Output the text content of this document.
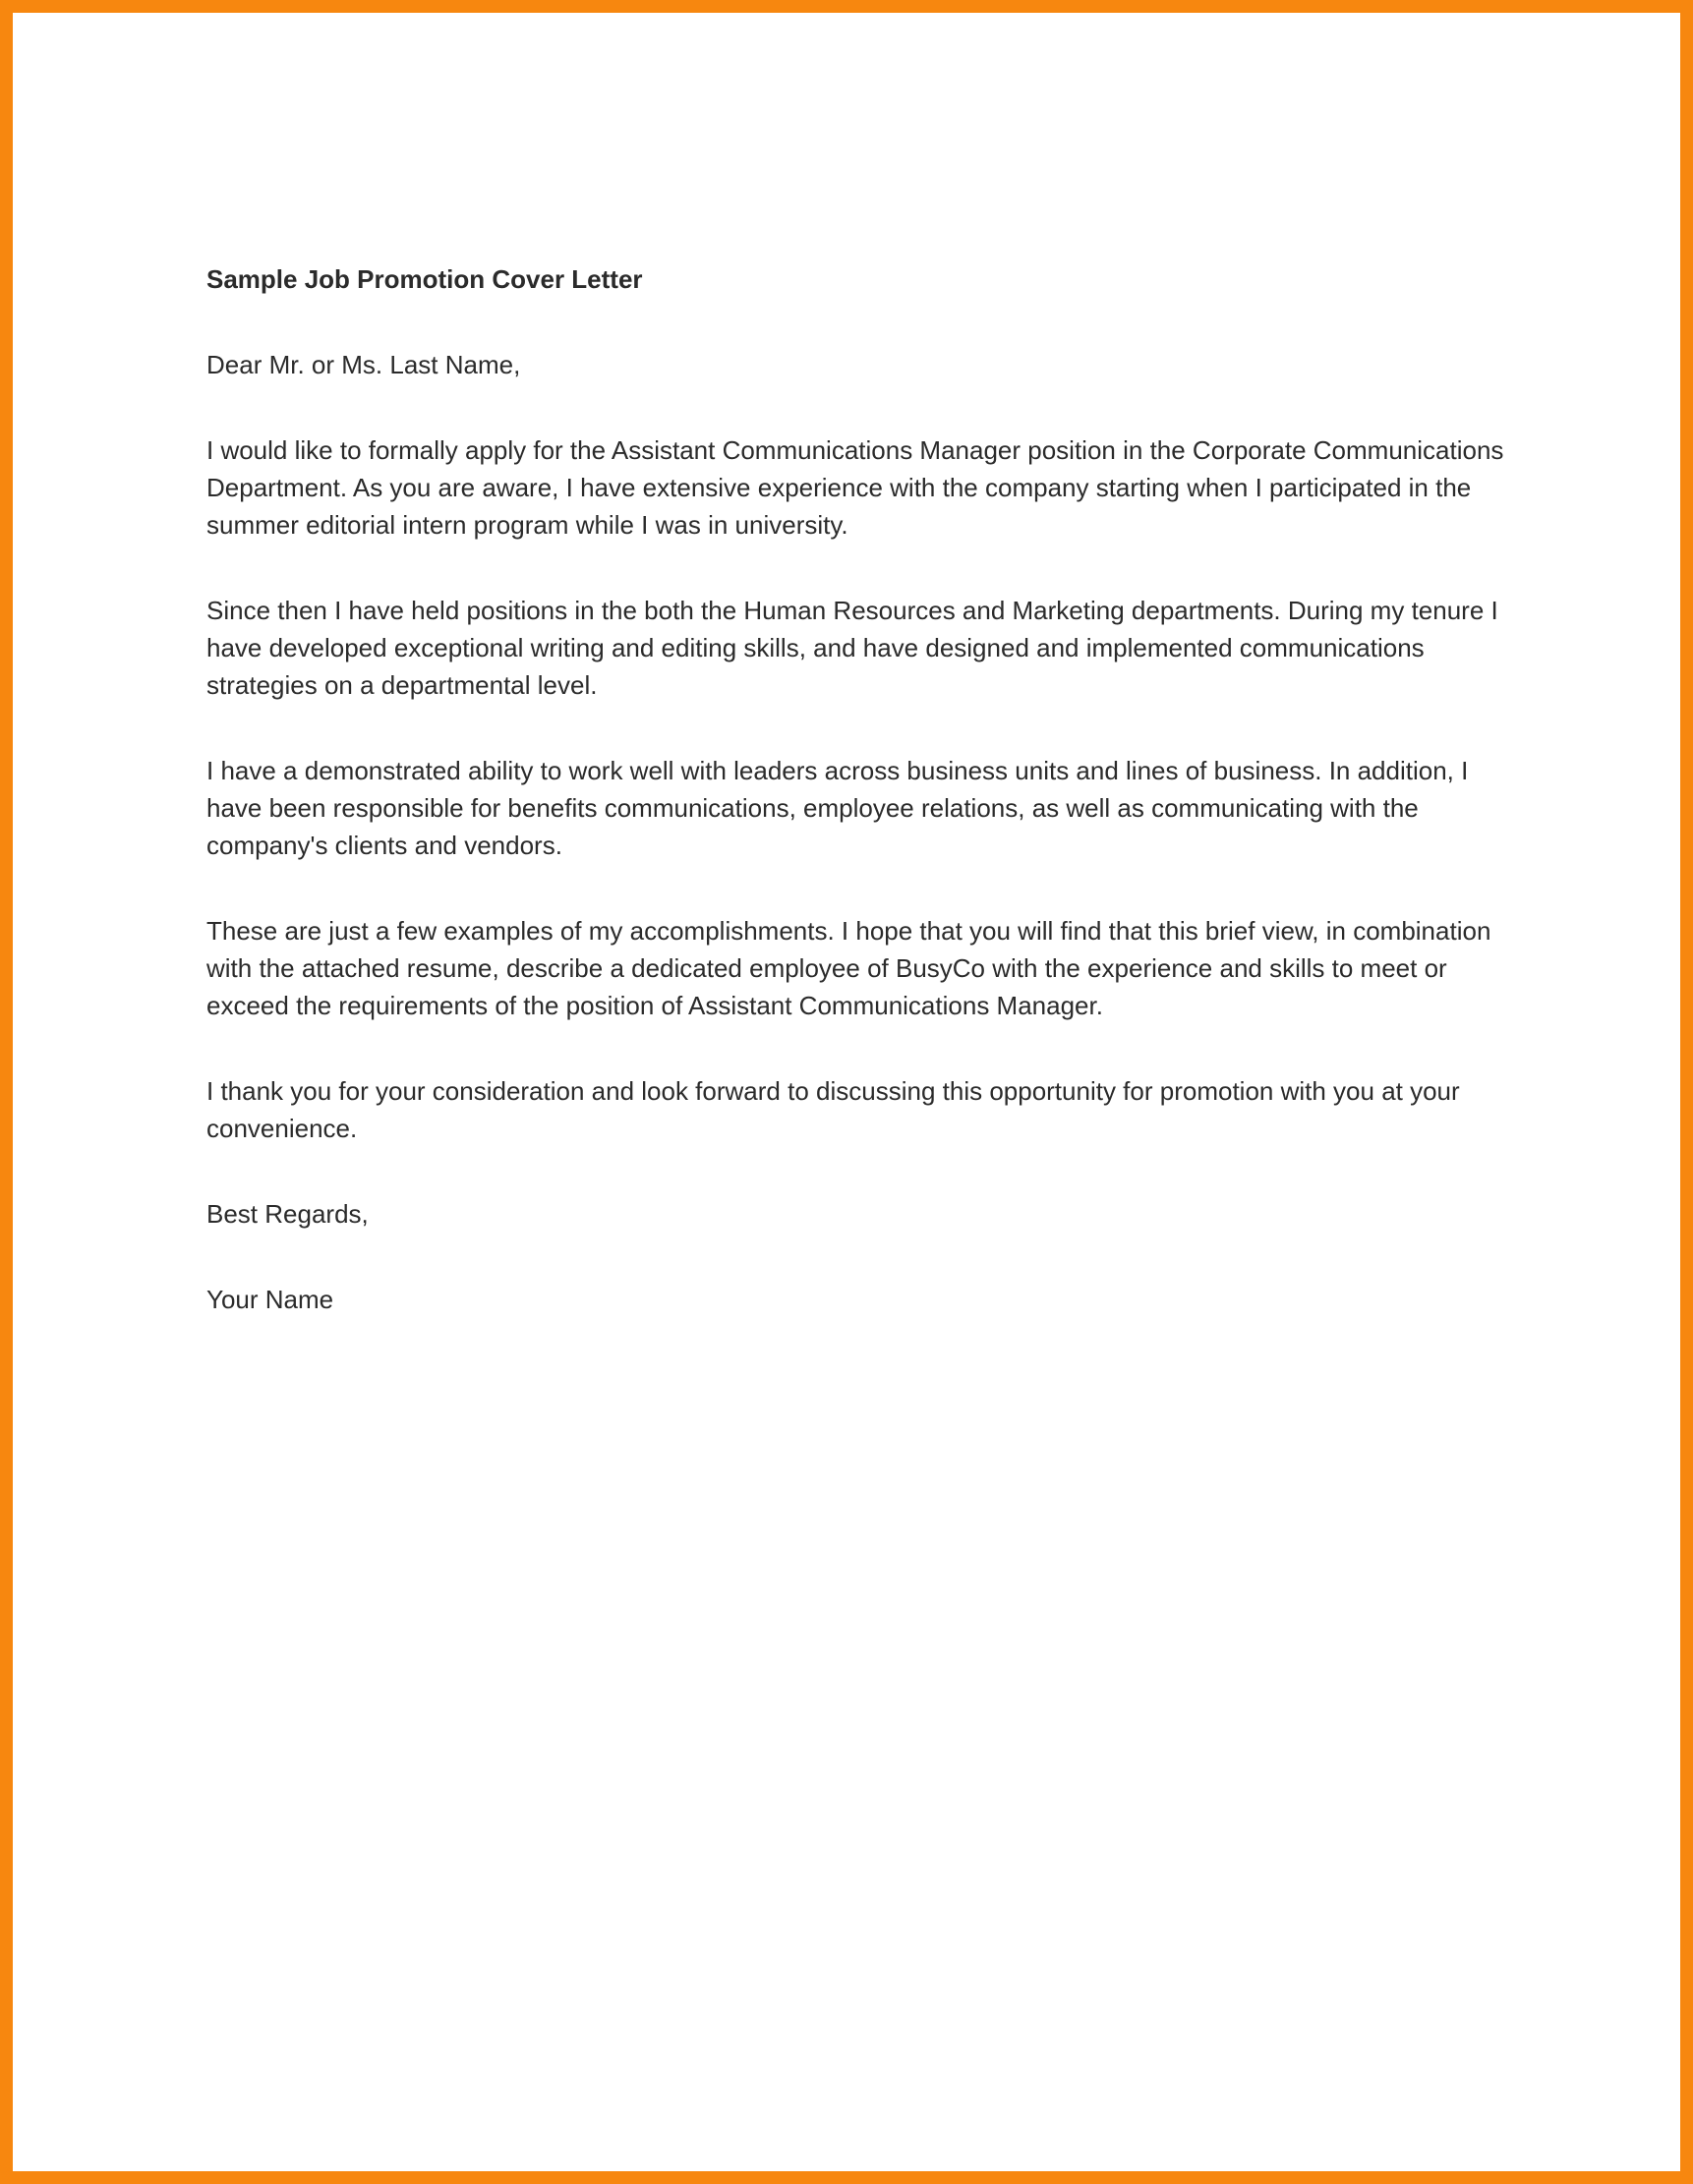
Sample Job Promotion Cover Letter

Dear Mr. or Ms. Last Name,

I would like to formally apply for the Assistant Communications Manager position in the Corporate Communications Department. As you are aware, I have extensive experience with the company starting when I participated in the summer editorial intern program while I was in university.

Since then I have held positions in the both the Human Resources and Marketing departments. During my tenure I have developed exceptional writing and editing skills, and have designed and implemented communications strategies on a departmental level.

I have a demonstrated ability to work well with leaders across business units and lines of business. In addition, I have been responsible for benefits communications, employee relations, as well as communicating with the company's clients and vendors.

These are just a few examples of my accomplishments. I hope that you will find that this brief view, in combination with the attached resume, describe a dedicated employee of BusyCo with the experience and skills to meet or exceed the requirements of the position of Assistant Communications Manager.

I thank you for your consideration and look forward to discussing this opportunity for promotion with you at your convenience.

Best Regards,

Your Name
